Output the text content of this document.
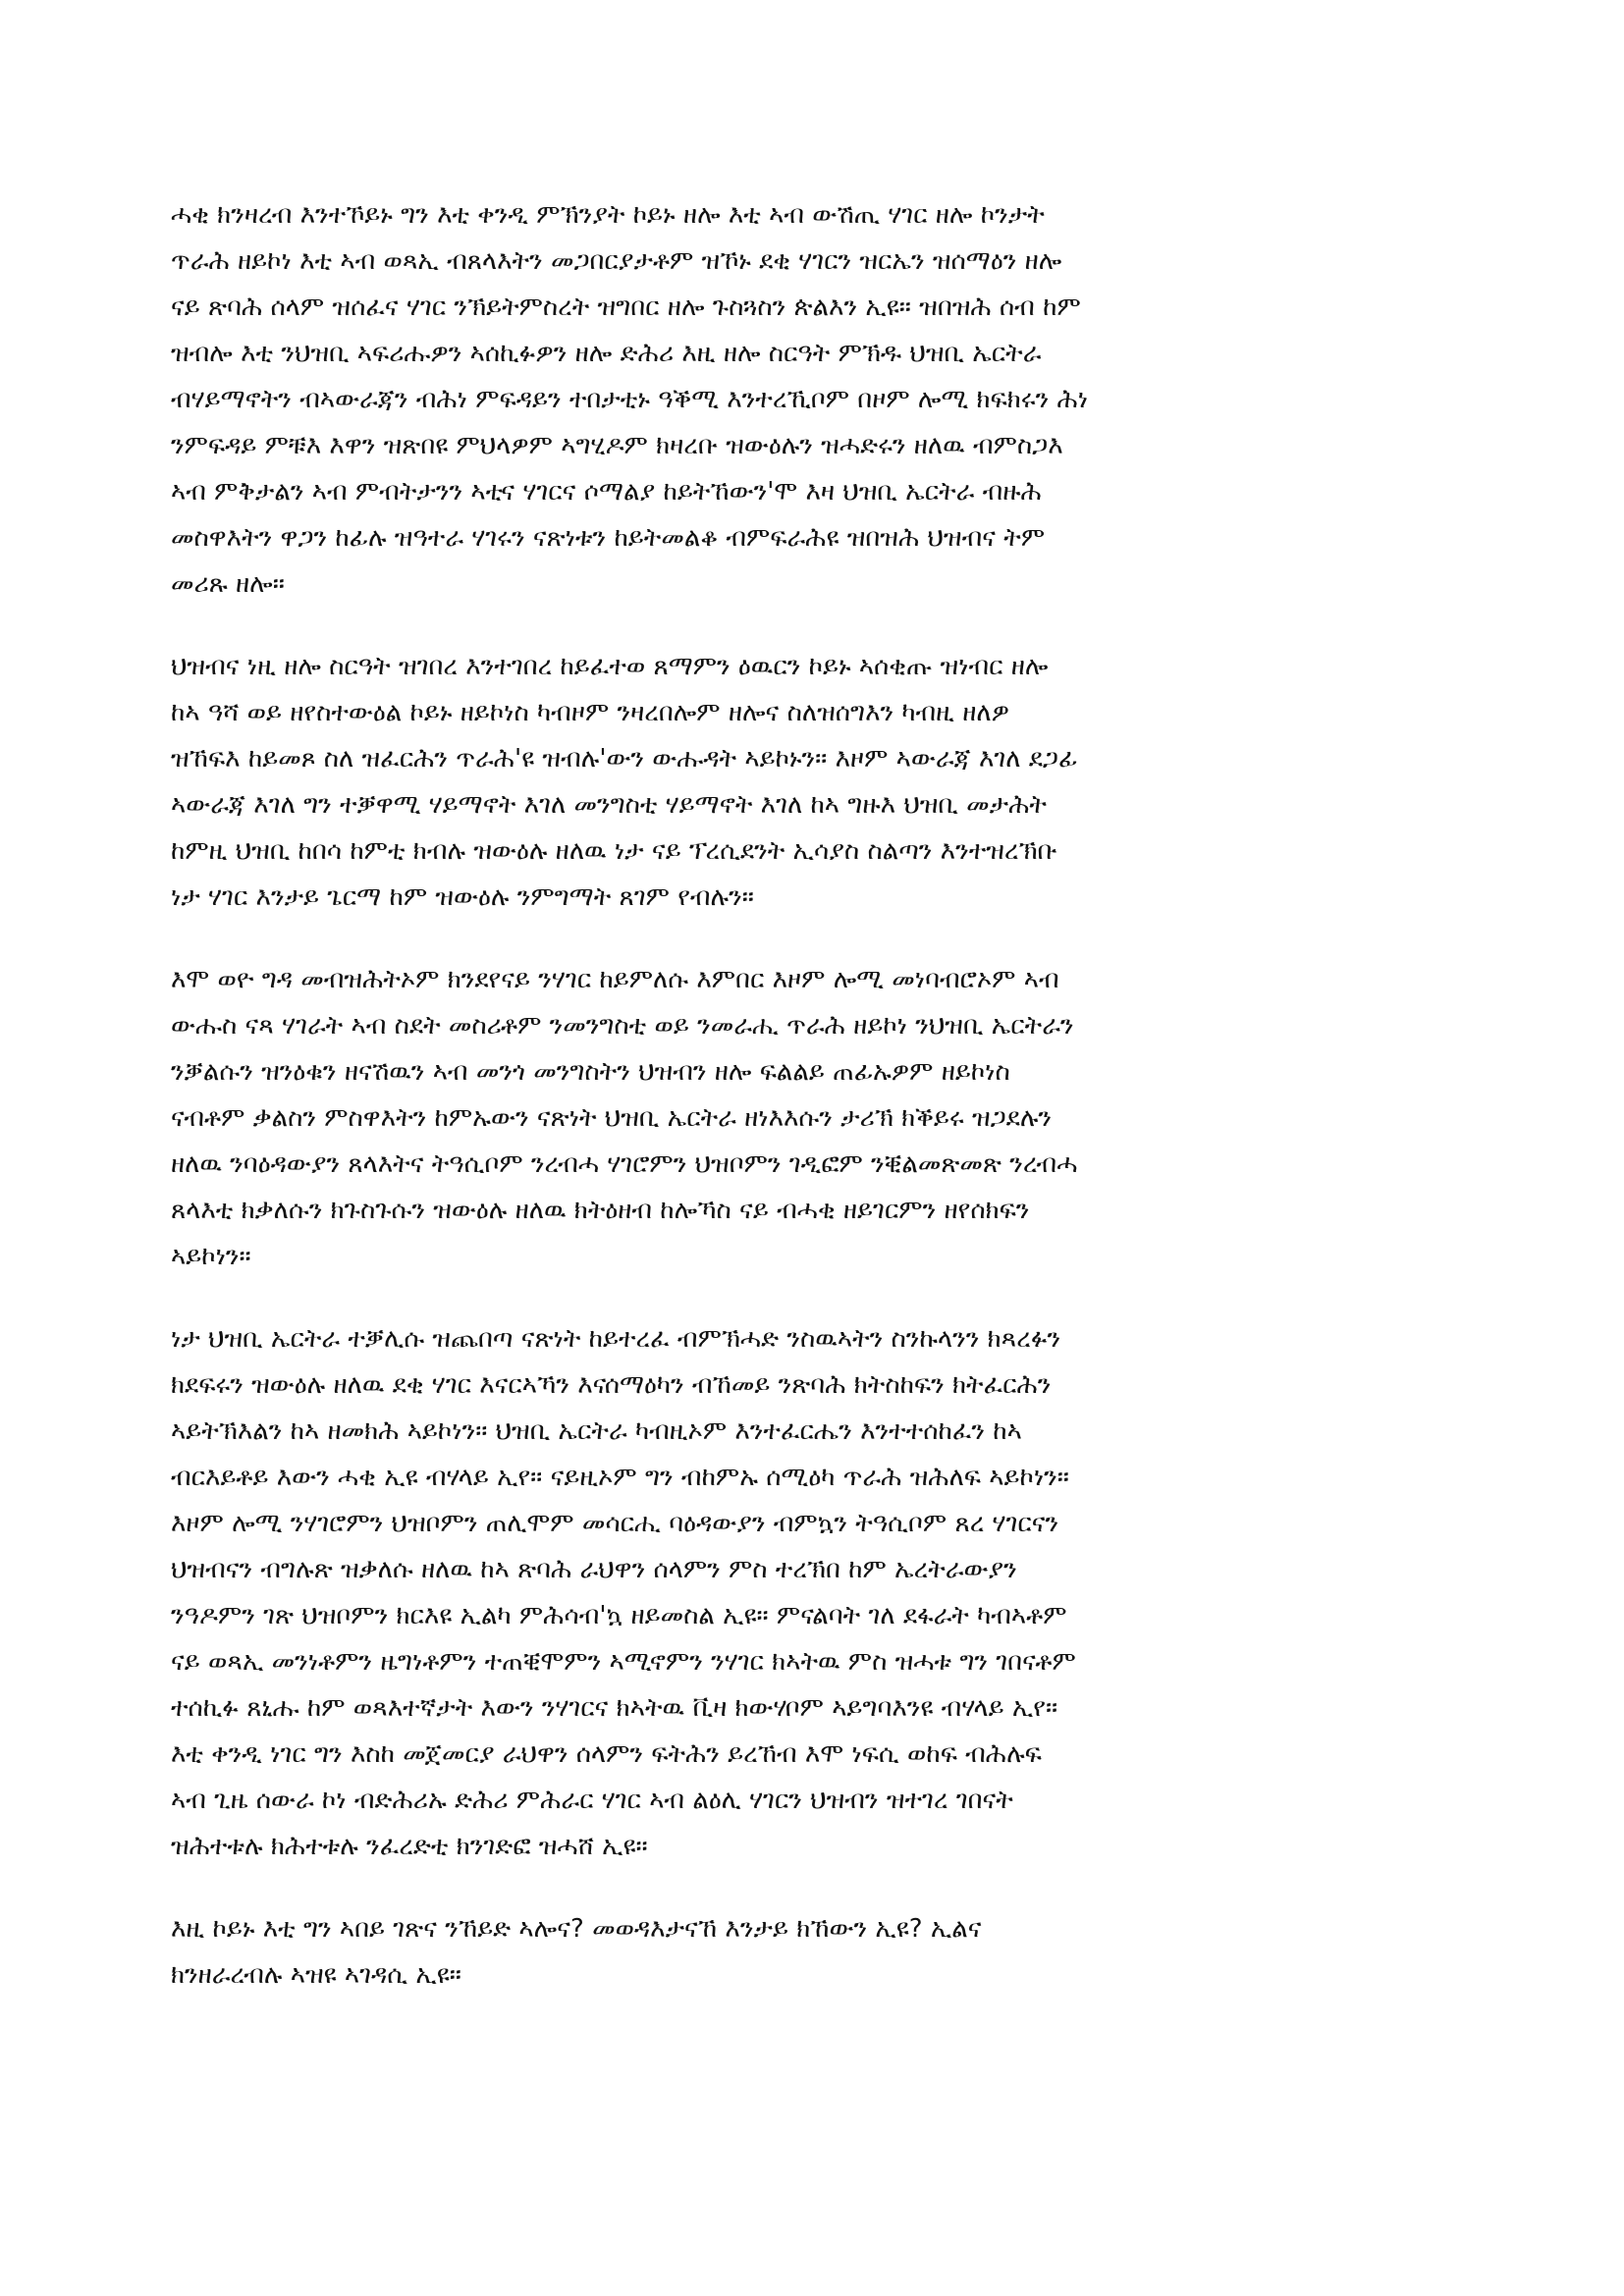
ሓቂ ክንዛረብ እንተኾይኑ ግን እቲ ቀንዲ ምኽንያት ኮይኑ ዘሎ እቲ ኣብ ውሽጢ ሃገር ዘሎ ኮንታት
ጥራሕ ዘይኮነ እቲ ኣብ ወጻኢ ብጸላእትን መጋበርያታቶም ዝኾኑ ደቂ ሃገርን ዝርኤን ዝሰማዕን ዘሎ
ናይ ጽባሕ ሰላም ዝሰፈና ሃገር ንኽይትምስረት ዝግበር ዘሎ ጉስጓስን ጵልእን ኢዩ። ዝበዝሕ ሰብ ከም
ዝብሎ እቲ ንህዝቢ ኣፍሪሑዎን ኣሰኪፉዎን ዘሎ ድሕሪ እዚ ዘሎ ስርዓት ምኽዱ ህዝቢ ኤርትራ
ብሃይማኖትን ብኣውራጃን ብሕነ ምፍዳይን ተበታቲኑ ዓቕሚ እንተረኺቦም በዞም ሎሚ ክፍክሩን ሕነ
ንምፍዳይ ምቹእ እዋን ዝጽበዩ ምህላዎም ኣግሂዶም ክዛረቡ ዝውዕሉን ዝሓድሩን ዘለዉ ብምስጋእ
ኣብ ምቅታልን ኣብ ምብትታንን ኣቲና ሃገርና ሶማልያ ከይትኸውን'ሞ እዛ ህዝቢ ኤርትራ ብዙሕ
መስዋእትን ዋጋን ከፊሉ ዝዓተራ ሃገሩን ናጽነቱን ከይትመልቆ ብምፍራሕዩ ዝበዝሕ ህዝብና ትም
መሪጹ ዘሎ።

ህዝብና ነዚ ዘሎ ስርዓት ዝገበረ እንተገበረ ከይፈተወ ጸማምን ዕዉርን ኮይኑ ኣሰቂጡ ዝነብር ዘሎ
ከኣ ዓሻ ወይ ዘየስተውዕል ኮይኑ ዘይኮነስ ካብዞም ንዛረበሎም ዘሎና ስለዝሰግእን ካብዚ ዘለዎ
ዝኸፍእ ከይመጾ ስለ ዝፈርሕን ጥራሕ'ዩ ዝብሉ'ውን ውሑዳት ኣይኮኑን። እዞም ኣውራጃ እገለ ደጋፊ
ኣውራጃ እገለ ግን ተቓዋሚ ሃይማኖት እገለ መንግስቲ ሃይማኖት እገለ ከኣ ግዙእ ህዝቢ መታሕት
ከምዚ ህዝቢ ከበሳ ከምቲ ክብሉ ዝውዕሉ ዘለዉ ነታ ናይ ፕረሲደንት ኢሳያስ ስልጣን እንተዝረኽቡ
ነታ ሃገር እንታይ ጌርማ ከም ዝውዕሉ ንምግማት ጸገም የብሉን።

እሞ ወዮ ግዳ መብዝሕትኦም ክንደየናይ ንሃገር ከይምለሱ እምበር እዞም ሎሚ መነባብሮኦም ኣብ
ውሑስ ናጻ ሃገራት ኣብ ስደት መስሪቶም ንመንግስቲ ወይ ንመራሒ ጥራሕ ዘይኮነ ንህዝቢ ኤርትራን
ንቓልሱን ዝንዕቁን ዘናሽዉን ኣብ መንጎ መንግስትን ህዝብን ዘሎ ፍልልይ ጠፊኡዎም ዘይኮነስ
ናብቶም ቃልስን ምስዋእትን ከምኡውን ናጽነት ህዝቢ ኤርትራ ዘነእእሱን ታሪኽ ክቕይሩ ዝጋደሉን
ዘለዉ ንባዕዳውያን ጸላእትና ትዓሲቦም ንረብሓ ሃገሮምን ህዝቦምን ገዲፎም ንቒልመጽመጽ ንረብሓ
ጸላእቲ ክቃለሱን ክጉስጉሱን ዝውዕሉ ዘለዉ ክትዕዘብ ከሎኻስ ናይ ብሓቂ ዘይገርምን ዘየሰክፍን
ኣይኮነን።

ነታ ህዝቢ ኤርትራ ተቓሊሱ ዝጨበጣ ናጽነት ከይተረፈ ብምኽሓድ ንስዉኣትን ስንኩላንን ክጻረፉን
ክደፍሩን ዝውዕሉ ዘለዉ ደቂ ሃገር እናርኣኻን እናሰማዕካን ብኸመይ ንጽባሕ ክትስከፍን ክትፈርሕን
ኣይትኽእልን ከኣ ዘመክሕ ኣይኮነን። ህዝቢ ኤርትራ ካብዚኦም እንተፈርሔን እንተተሰከፈን ከኣ
ብርእይቶይ እውን ሓቂ ኢዩ ብሃላይ ኢየ። ናይዚኦም ግን ብከምኡ ሰሚዕካ ጥራሕ ዝሕለፍ ኣይኮነን።
እዞም ሎሚ ንሃገሮምን ህዝቦምን ጠሊሞም መሳርሒ ባዕዳውያን ብምኳን ትዓሲቦም ጸረ ሃገርናን
ህዝብናን ብግሉጽ ዝቃለሱ ዘለዉ ከኣ ጽባሕ ራህዋን ሰላምን ምስ ተረኽበ ከም ኤረትራውያን
ንዓዶምን ገጽ ህዝቦምን ክርእዩ ኢልካ ምሕሳብ'ኳ ዘይመስል ኢዩ። ምናልባት ገለ ደፋራት ካብኣቶም
ናይ ወጻኢ መንነቶምን ዜግነቶምን ተጠቒሞምን ኣሚኖምን ንሃገር ክኣትዉ ምስ ዝሓቱ ግን ገበናቶም
ተሰኪፉ ጸኒሑ ከም ወጻእተኛታት እውን ንሃገርና ክኣትዉ ቪዛ ክውሃቦም ኣይግባእንዩ ብሃላይ ኢየ።
እቲ ቀንዲ ነገር ግን እስከ መጀመርያ ራህዋን ሰላምን ፍትሕን ይረኸብ እሞ ነፍሲ ወከፍ ብሕሉፍ
ኣብ ጊዜ ሰውራ ኮነ ብድሕሪኡ ድሕሪ ምሕራር ሃገር ኣብ ልዕሊ ሃገርን ህዝብን ዝተገረ ገበናት
ዝሕተቱሉ ክሕተቱሉ ንፈረድቲ ክንገድፎ ዝሓሸ ኢዩ።

እዚ ኮይኑ እቲ ግን ኣበይ ገጽና ንኸይድ ኣሎና? መወዳእታናኸ እንታይ ክኸውን ኢዩ? ኢልና
ክንዘራረብሉ ኣዝዩ ኣገዳሲ ኢዩ።
